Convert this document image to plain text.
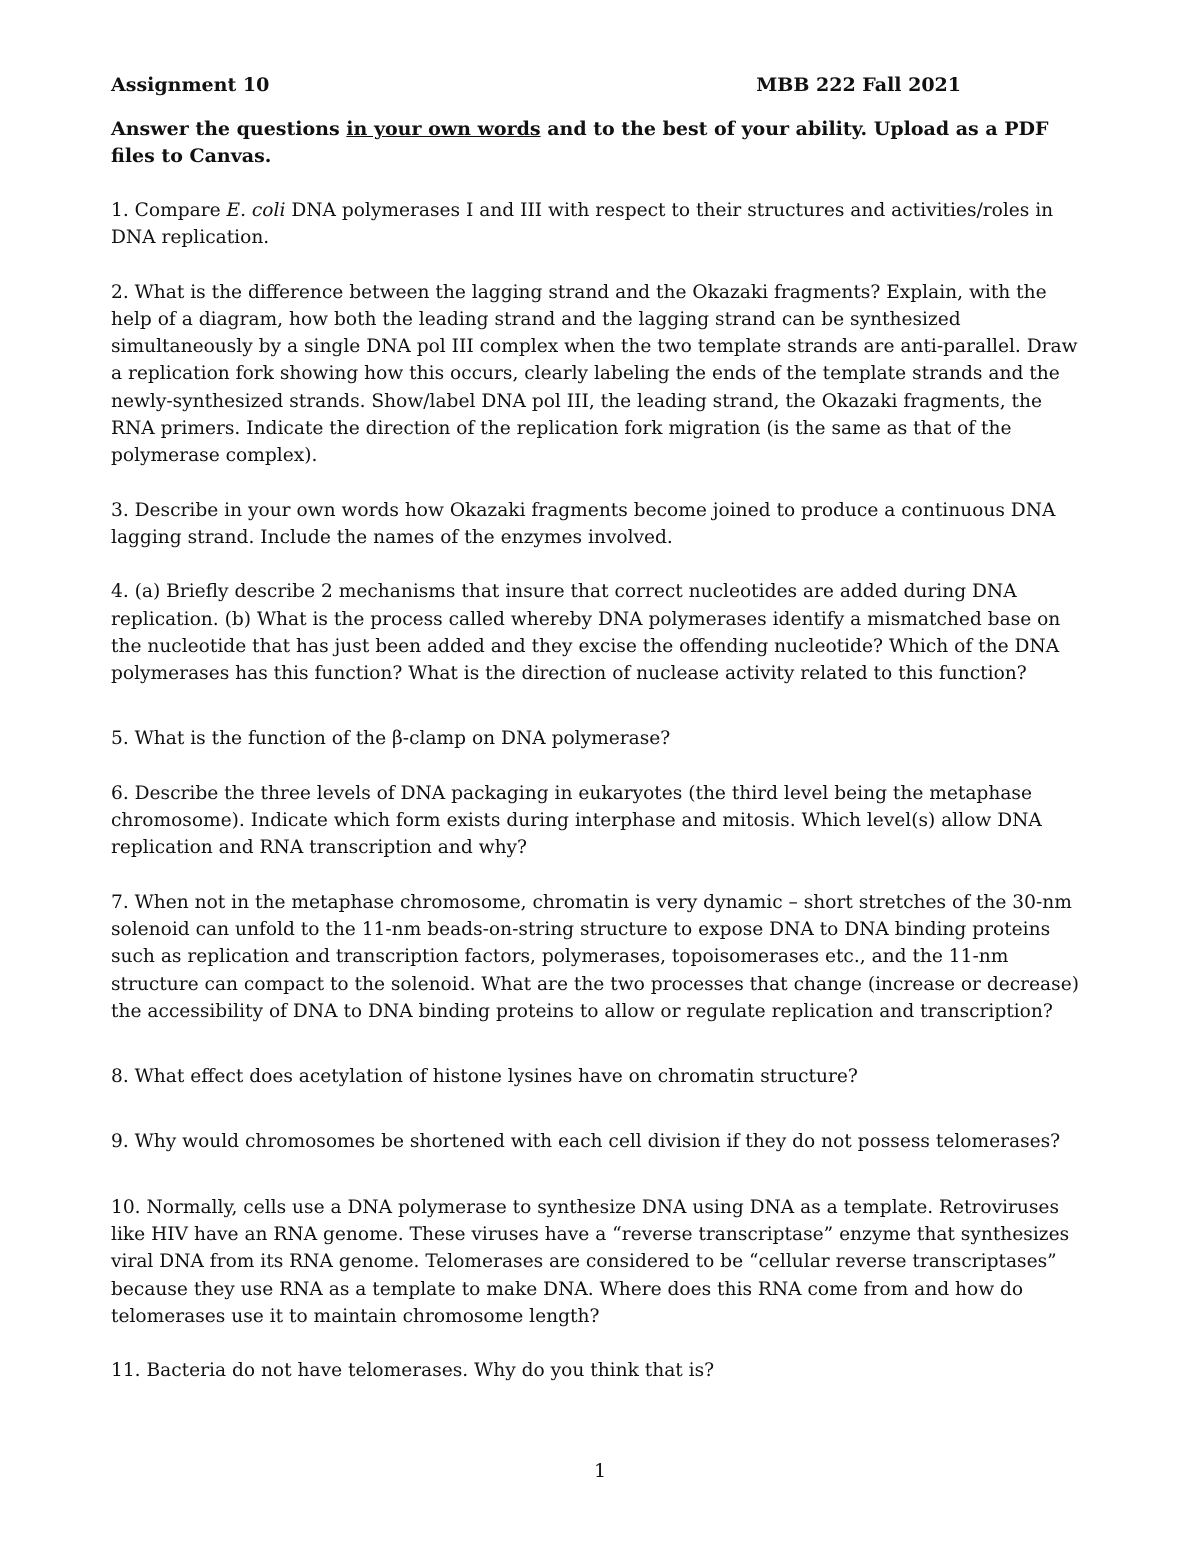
Assignment 10	MBB 222 Fall 2021
Answer the questions in your own words and to the best of your ability. Upload as a PDF files to Canvas.

1. Compare E. coli DNA polymerases I and III with respect to their structures and activities/roles in DNA replication.

2. What is the difference between the lagging strand and the Okazaki fragments? Explain, with the help of a diagram, how both the leading strand and the lagging strand can be synthesized simultaneously by a single DNA pol III complex when the two template strands are anti-parallel. Draw a replication fork showing how this occurs, clearly labeling the ends of the template strands and the newly-synthesized strands. Show/label DNA pol III, the leading strand, the Okazaki fragments, the RNA primers. Indicate the direction of the replication fork migration (is the same as that of the polymerase complex).

3. Describe in your own words how Okazaki fragments become joined to produce a continuous DNA lagging strand. Include the names of the enzymes involved.

4. (a) Briefly describe 2 mechanisms that insure that correct nucleotides are added during DNA replication. (b) What is the process called whereby DNA polymerases identify a mismatched base on the nucleotide that has just been added and they excise the offending nucleotide? Which of the DNA polymerases has this function? What is the direction of nuclease activity related to this function?

5. What is the function of the β-clamp on DNA polymerase?

6. Describe the three levels of DNA packaging in eukaryotes (the third level being the metaphase chromosome). Indicate which form exists during interphase and mitosis. Which level(s) allow DNA replication and RNA transcription and why?

7. When not in the metaphase chromosome, chromatin is very dynamic – short stretches of the 30-nm solenoid can unfold to the 11-nm beads-on-string structure to expose DNA to DNA binding proteins such as replication and transcription factors, polymerases, topoisomerases etc., and the 11-nm structure can compact to the solenoid. What are the two processes that change (increase or decrease) the accessibility of DNA to DNA binding proteins to allow or regulate replication and transcription?

8. What effect does acetylation of histone lysines have on chromatin structure?

9. Why would chromosomes be shortened with each cell division if they do not possess telomerases?

10. Normally, cells use a DNA polymerase to synthesize DNA using DNA as a template. Retroviruses like HIV have an RNA genome. These viruses have a “reverse transcriptase” enzyme that synthesizes viral DNA from its RNA genome. Telomerases are considered to be “cellular reverse transcriptases” because they use RNA as a template to make DNA. Where does this RNA come from and how do telomerases use it to maintain chromosome length?

11. Bacteria do not have telomerases. Why do you think that is?

1
